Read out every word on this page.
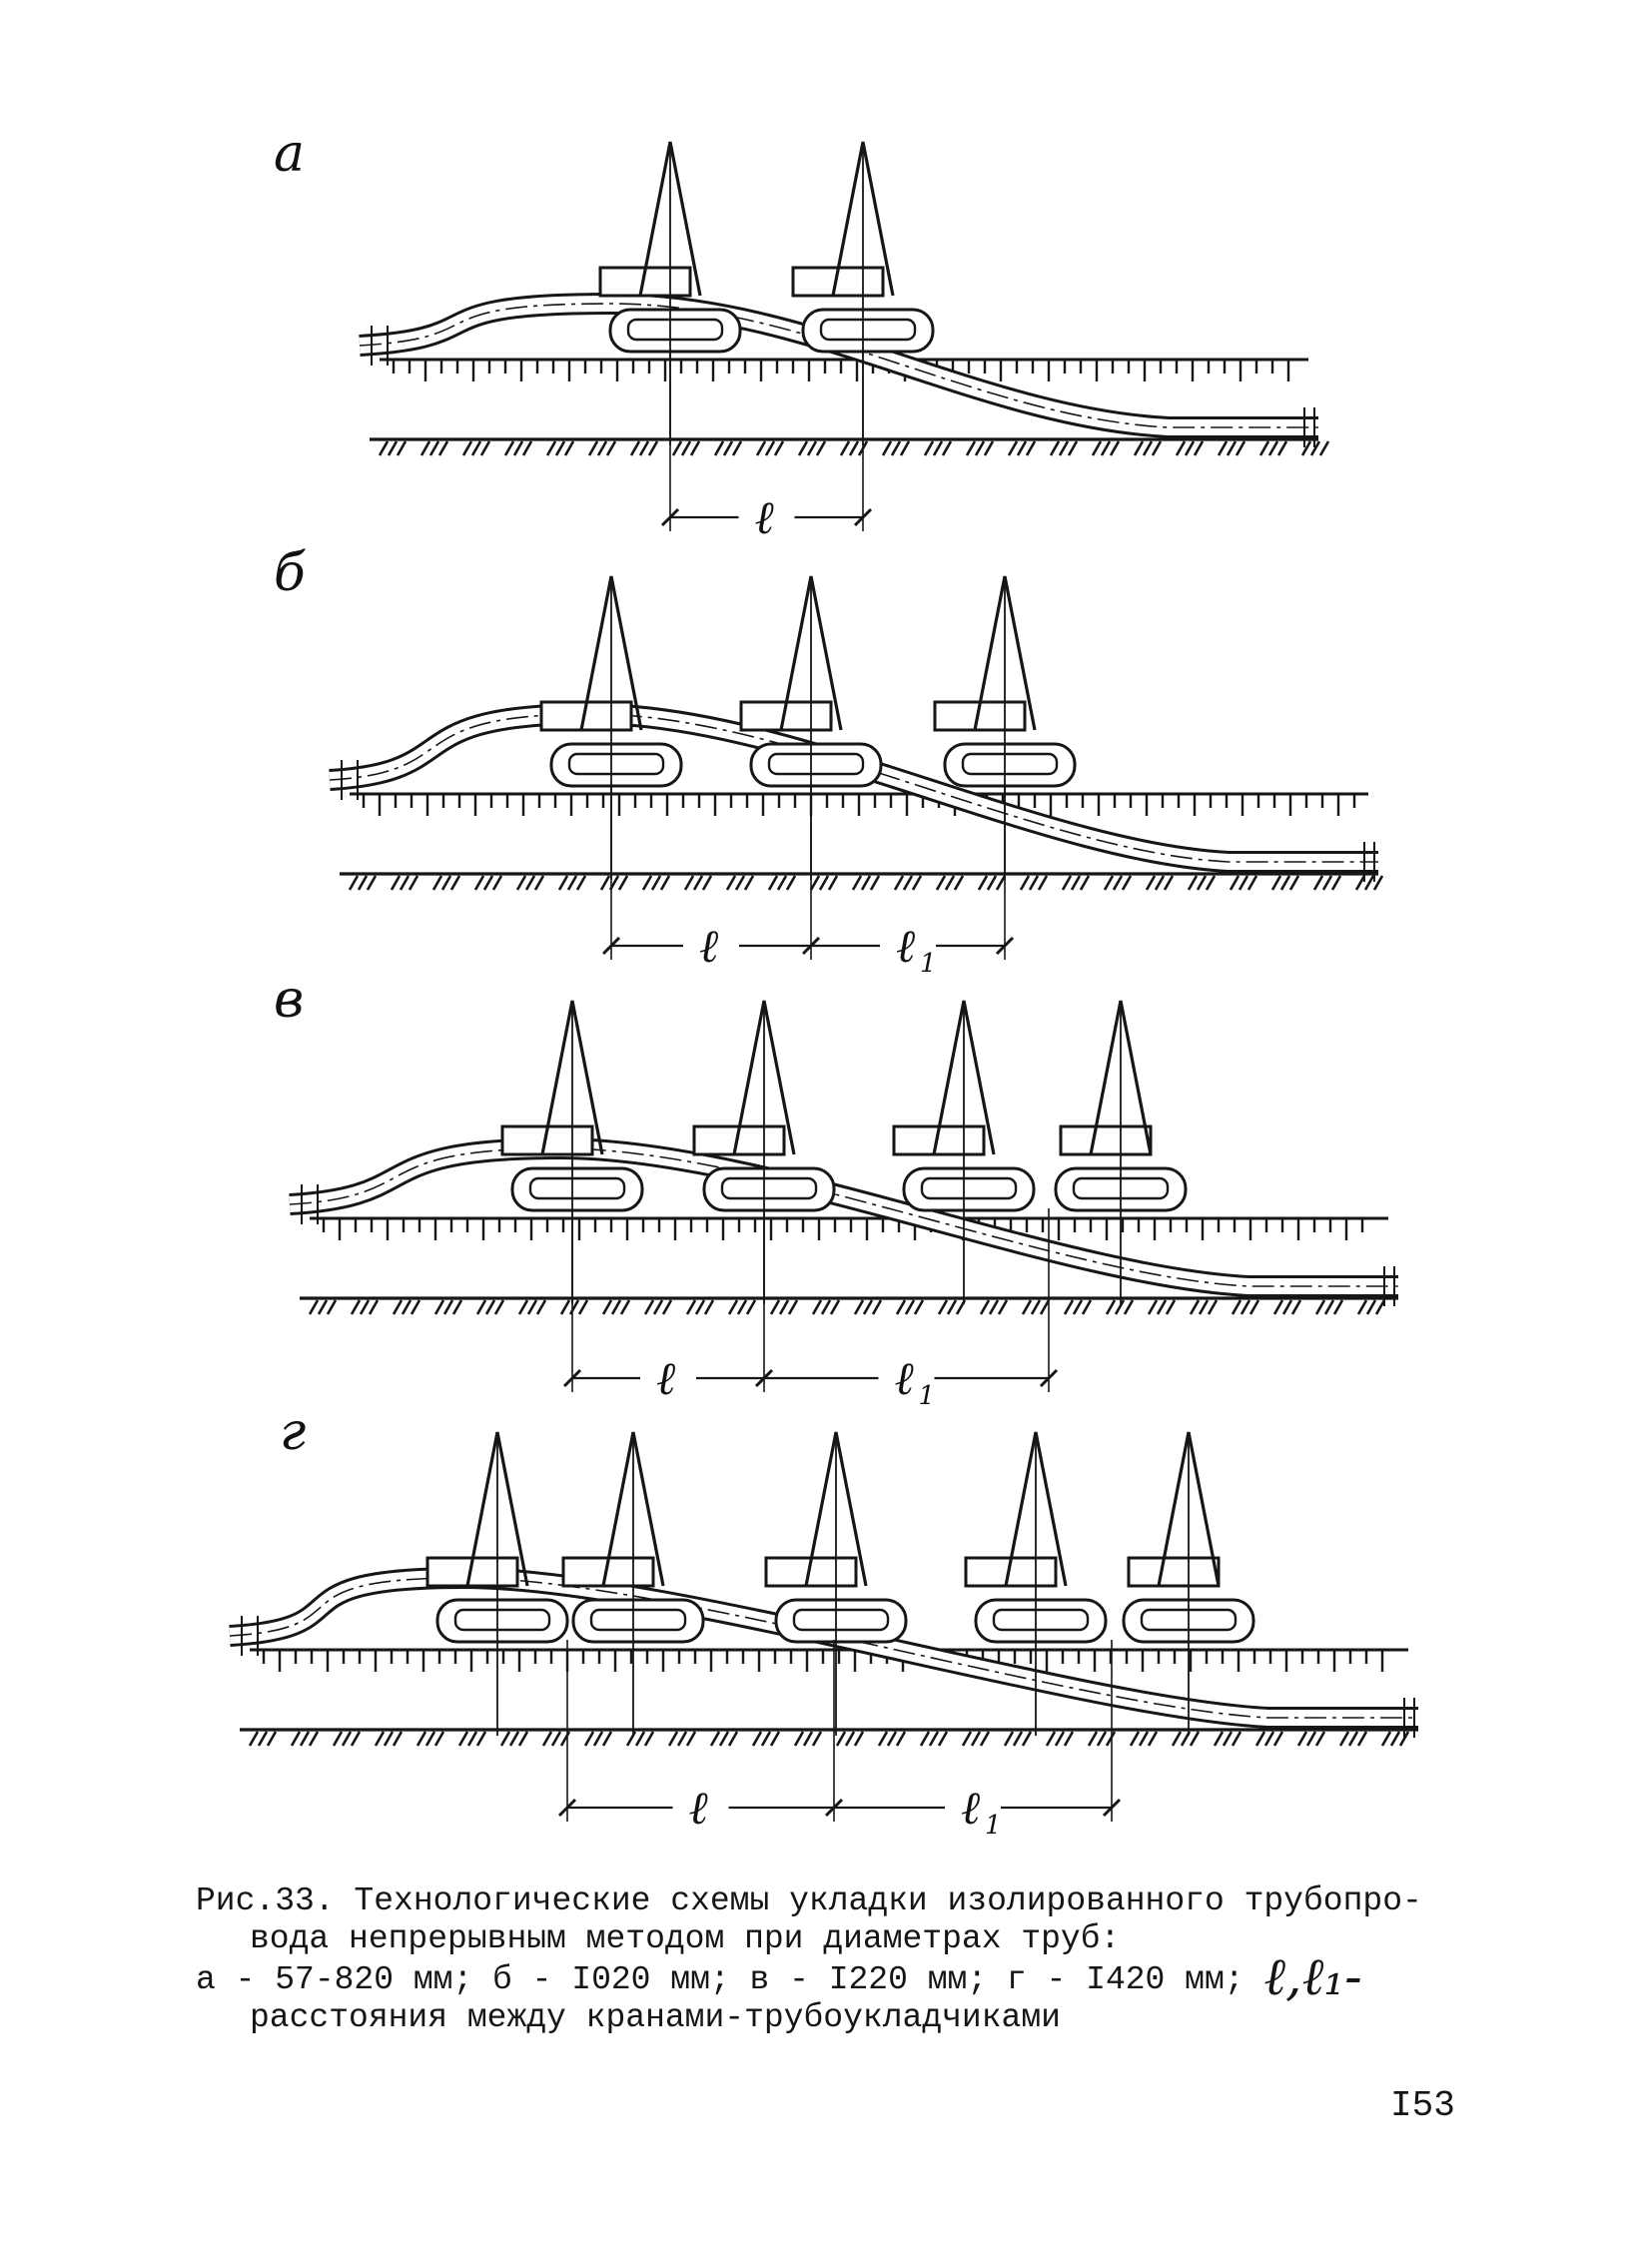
ℓ
ℓ	ℓ 1
ℓ	ℓ 1
ℓ	ℓ 1
а
б
в
г
Рис.33. Технологические схемы укладки изолированного трубопро-
вода непрерывным методом при диаметрах труб:
а - 57-820 мм; б - I020 мм; в - I220 мм; г - I420 мм; ℓ,ℓ₁-
расстояния между кранами-трубоукладчиками
I53
